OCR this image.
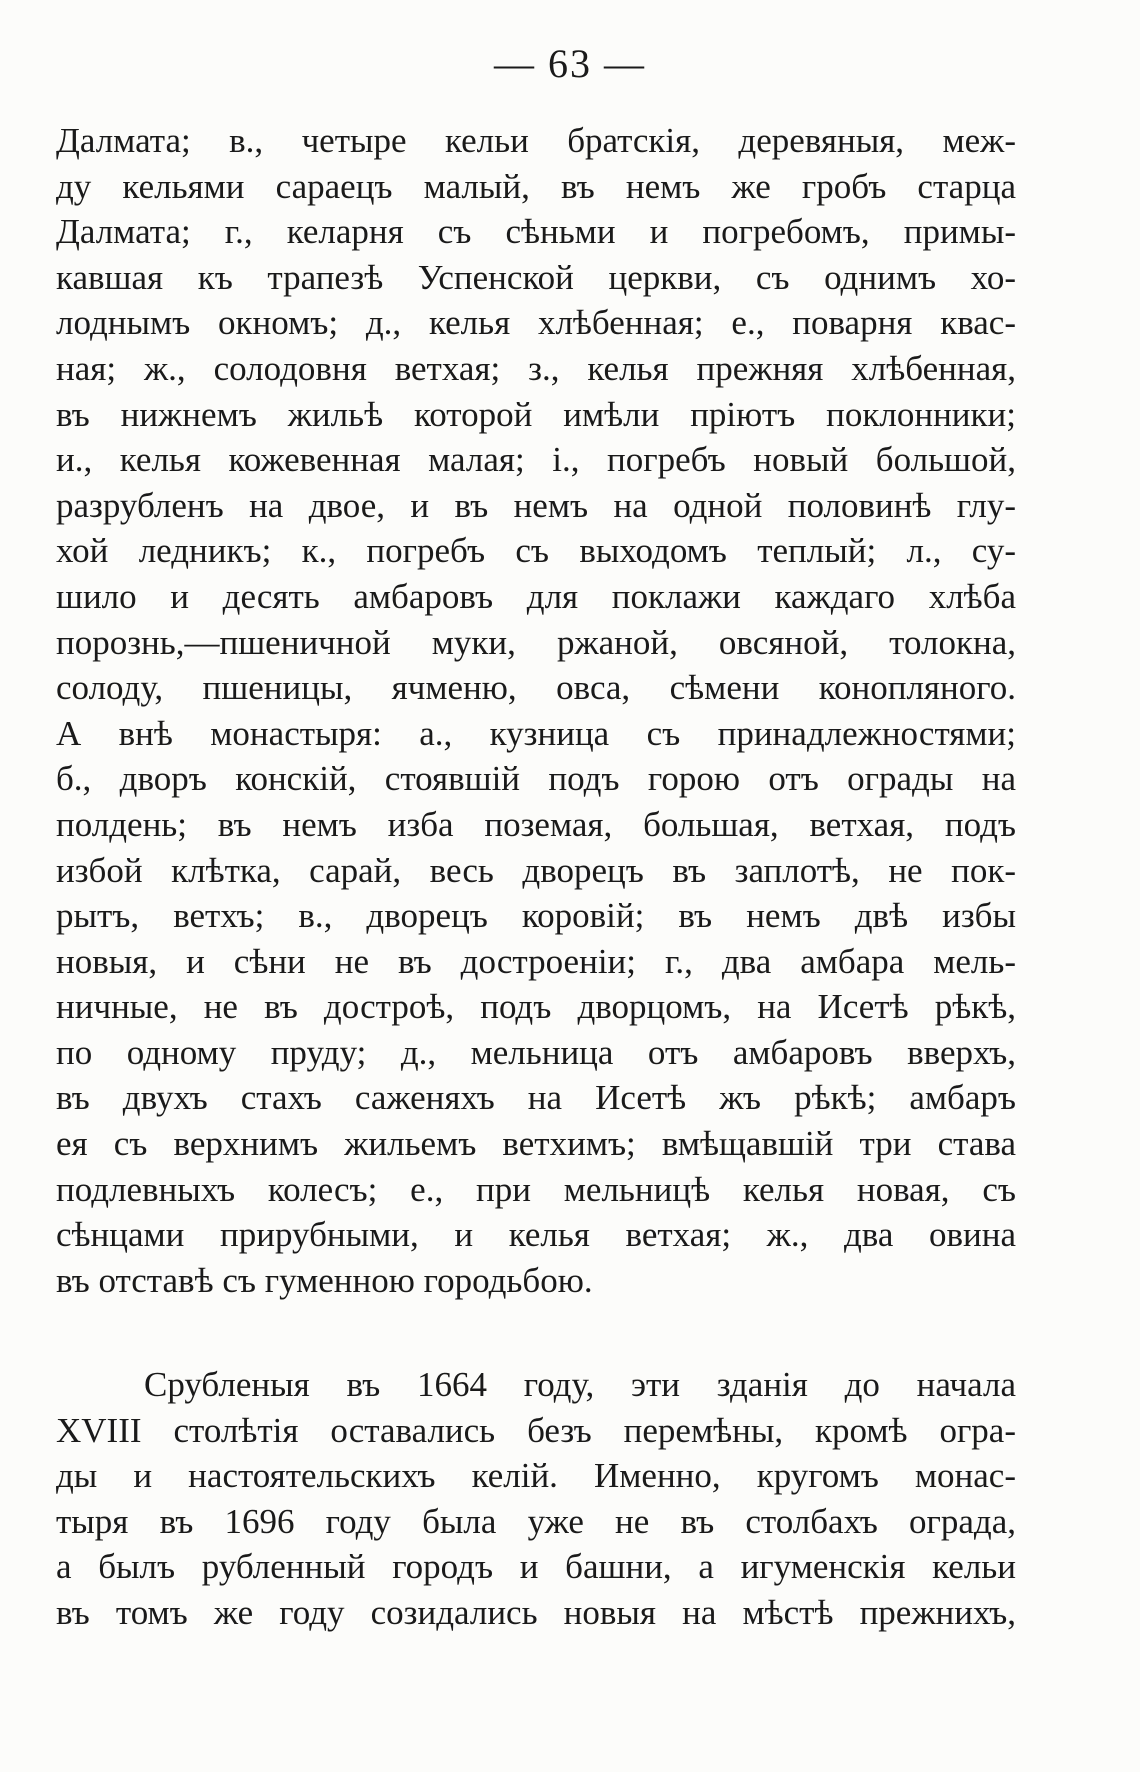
— 63 —
Далмата; в., четыре кельи братскія, деревяныя, меж-
ду кельями сараецъ малый, въ немъ же гробъ старца
Далмата; г., келарня съ сѣньми и погребомъ, примы-
кавшая къ трапезѣ Успенской церкви, съ однимъ хо-
лоднымъ окномъ; д., келья хлѣбенная; е., поварня квас-
ная; ж., солодовня ветхая; з., келья прежняя хлѣбенная,
въ нижнемъ жильѣ которой имѣли пріютъ поклонники;
и., келья кожевенная малая; і., погребъ новый большой,
разрубленъ на двое, и въ немъ на одной половинѣ глу-
хой ледникъ; к., погребъ съ выходомъ теплый; л., су-
шило и десять амбаровъ для поклажи каждаго хлѣба
порознь,—пшеничной муки, ржаной, овсяной, толокна,
солоду, пшеницы, ячменю, овса, сѣмени конопляного.
А внѣ монастыря: а., кузница съ принадлежностями;
б., дворъ конскій, стоявшій подъ горою отъ ограды на
полдень; въ немъ изба поземая, большая, ветхая, подъ
избой клѣтка, сарай, весь дворецъ въ заплотѣ, не пок-
рытъ, ветхъ; в., дворецъ коровій; въ немъ двѣ избы
новыя, и сѣни не въ достроеніи; г., два амбара мель-
ничные, не въ достроѣ, подъ дворцомъ, на Исетѣ рѣкѣ,
по одному пруду; д., мельница отъ амбаровъ вверхъ,
въ двухъ стахъ саженяхъ на Исетѣ жъ рѣкѣ; амбаръ
ея съ верхнимъ жильемъ ветхимъ; вмѣщавшій три става
подлевныхъ колесъ; е., при мельницѣ келья новая, съ
сѣнцами прирубными, и келья ветхая; ж., два овина
въ отставѣ съ гуменною городьбою.
Срубленыя въ 1664 году, эти зданія до начала
XVIII столѣтія оставались безъ перемѣны, кромѣ огра-
ды и настоятельскихъ келій. Именно, кругомъ монас-
тыря въ 1696 году была уже не въ столбахъ ограда,
а былъ рубленный городъ и башни, а игуменскія кельи
въ томъ же году созидались новыя на мѣстѣ прежнихъ,
